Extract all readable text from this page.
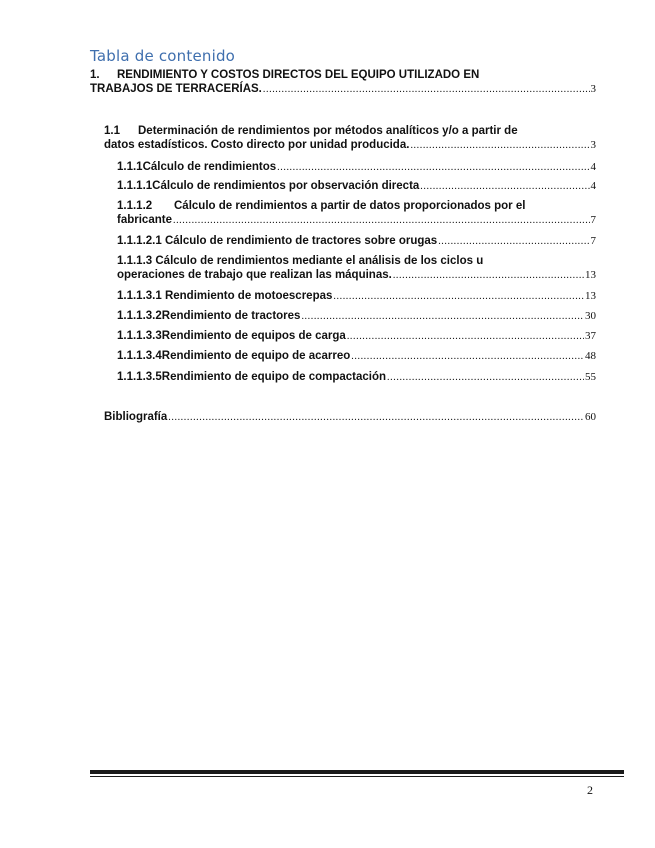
Tabla de contenido
1.	RENDIMIENTO Y COSTOS DIRECTOS DEL EQUIPO UTILIZADO EN
TRABAJOS DE TERRACERÍAS. .....	3
1.1	Determinación de rendimientos por métodos analíticos y/o a partir de
datos estadísticos. Costo directo por unidad producida. .....	3
1.1.1 Cálculo de rendimientos .....	4
1.1.1.1 Cálculo de rendimientos por observación directa .....	4
1.1.1.2	Cálculo de rendimientos a partir de datos proporcionados por el
fabricante .....	7
1.1.1.2.1 Cálculo de rendimiento de tractores sobre orugas .....	7
1.1.1.3 Cálculo de rendimientos mediante el análisis de los ciclos u
operaciones de trabajo que realizan las máquinas. .....	13
1.1.1.3.1 Rendimiento de motoescrepas .....	13
1.1.1.3.2 Rendimiento de tractores .....	30
1.1.1.3.3 Rendimiento de equipos de carga .....	37
1.1.1.3.4 Rendimiento de equipo de acarreo .....	48
1.1.1.3.5 Rendimiento de equipo de compactación .....	55
Bibliografía .....	60
2
